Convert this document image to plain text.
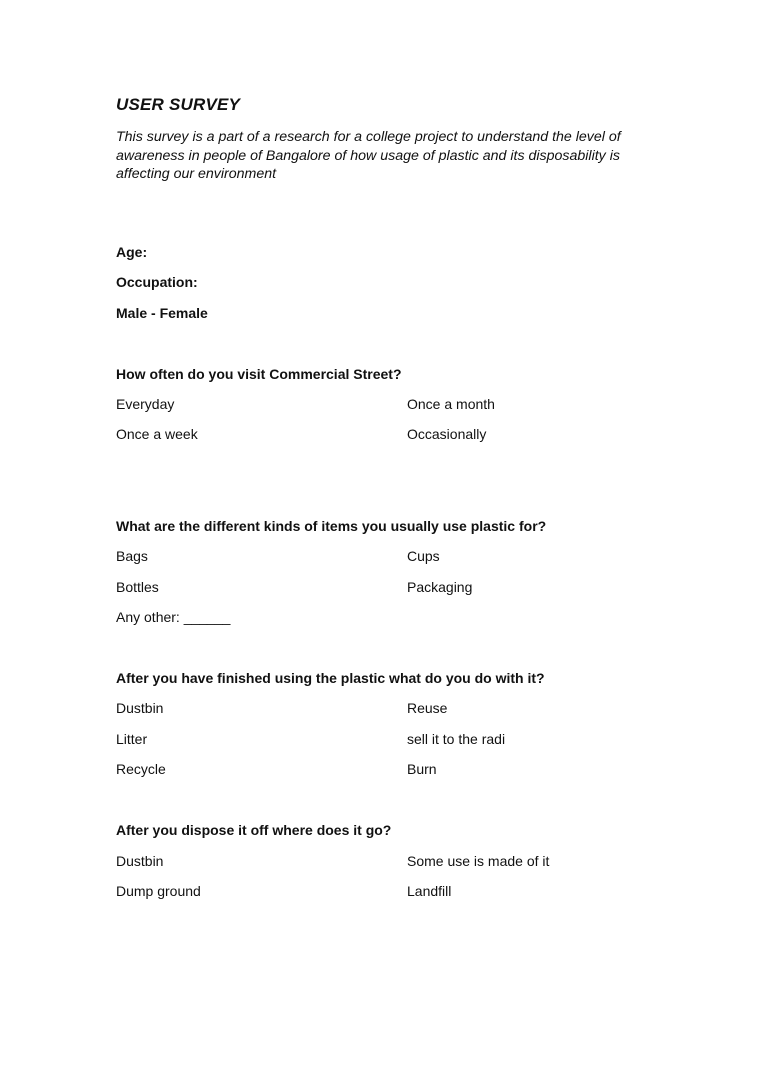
USER SURVEY
This survey is a part of a research for a college project to understand the level of awareness in people of Bangalore of how usage of plastic and its disposability is affecting our environment
Age:
Occupation:
Male - Female
How often do you visit Commercial Street?
Everyday	Once a month
Once a week	Occasionally
What are the different kinds of items you usually use plastic for?
Bags	Cups
Bottles	Packaging
Any other: ______
After you have finished using the plastic what do you do with it?
Dustbin	Reuse
Litter	sell it to the radi
Recycle	Burn
After you dispose it off where does it go?
Dustbin	Some use is made of it
Dump ground	Landfill
